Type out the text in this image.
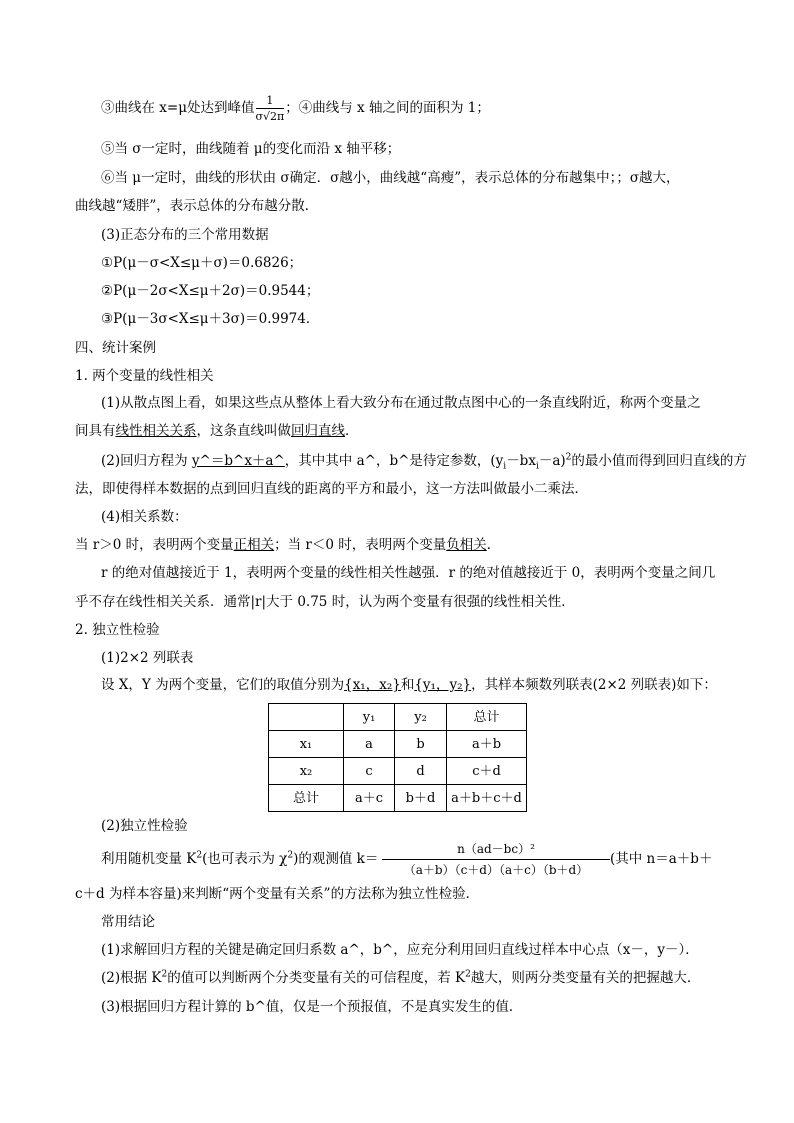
③曲线在 x=μ处达到峰值 $\frac{1}{\sigma√2\pi}$ ；④曲线与 x 轴之间的面积为 1；
⑤当 σ一定时，曲线随着 μ的变化而沿 x 轴平移；
⑥当 μ一定时，曲线的形状由 σ确定．σ越小，曲线越“高瘦”，表示总体的分布越集中；；σ越大，
曲线越“矮胖”，表示总体的分布越分散．
(3)正态分布的三个常用数据
①P(μ－σ<X≤μ＋σ)＝0.6826；
②P(μ－2σ<X≤μ＋2σ)＝0.9544；
③P(μ－3σ<X≤μ＋3σ)＝0.9974．
四、统计案例
1. 两个变量的线性相关
(1)从散点图上看，如果这些点从整体上看大致分布在通过散点图中心的一条直线附近，称两个变量之
间具有线性相关关系，这条直线叫做回归直线．
(2)回归方程为 y^＝b^x＋a^，其中其中 a^，b^是待定参数，$(y_i-bx_i-a)^2$的最小值而得到回归直线的方
法，即使得样本数据的点到回归直线的距离的平方和最小，这一方法叫做最小二乘法．
(4)相关系数：
当 r＞0 时，表明两个变量正相关；当 r＜0 时，表明两个变量负相关．
r 的绝对值越接近于 1，表明两个变量的线性相关性越强．r 的绝对值越接近于 0，表明两个变量之间几
乎不存在线性相关关系．通常|r|大于 0.75 时，认为两个变量有很强的线性相关性．
2. 独立性检验
(1)2×2 列联表
设 X，Y 为两个变量，它们的取值分别为{x₁，x₂}和{y₁，y₂}，其样本频数列联表(2×2 列联表)如下：
	y₁	y₂	总计
x₁	a	b	a＋b
x₂	c	d	c＋d
总计	a＋c	b＋d	a＋b＋c＋d
(2)独立性检验
利用随机变量 $K^2$(也可表示为 $\chi^2$)的观测值 $k= \frac{\text{n（ad－bc）²}}{(a+b)(c+d)(a+c)(b+d)}$ (其中 n＝a＋b＋
c＋d 为样本容量)来判断“两个变量有关系”的方法称为独立性检验．
常用结论
(1)求解回归方程的关键是确定回归系数 a^，b^，应充分利用回归直线过样本中心点（x－，y－）．
(2)根据 $K^2$的值可以判断两个分类变量有关的可信程度，若 $K^2$越大，则两分类变量有关的把握越大．
(3)根据回归方程计算的 b^值，仅是一个预报值，不是真实发生的值．
